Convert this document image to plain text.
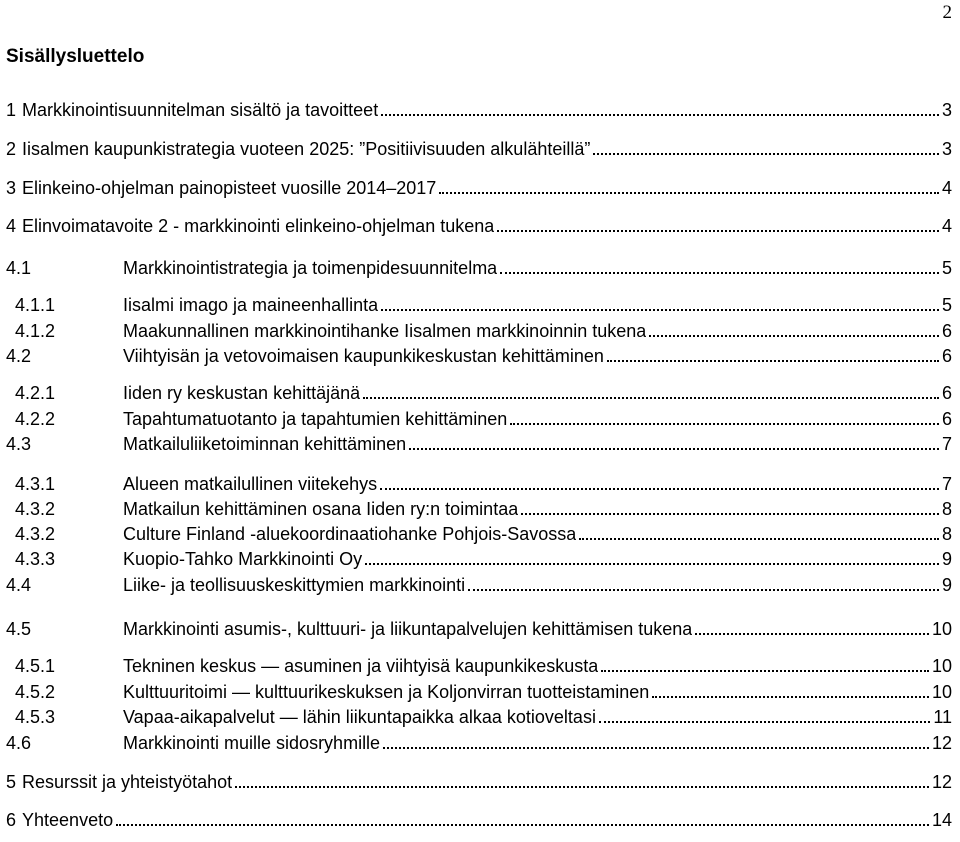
2
Sisällysluettelo
1 Markkinointisuunnitelman sisältö ja tavoitteet	3
2 Iisalmen kaupunkistrategia vuoteen 2025: ”Positiivisuuden alkulähteillä”	3
3 Elinkeino-ohjelman painopisteet vuosille 2014–2017	4
4 Elinvoimatavoite 2 - markkinointi elinkeino-ohjelman tukena	4
4.1	Markkinointistrategia ja toimenpidesuunnitelma	5
4.1.1	Iisalmi imago ja maineenhallinta	5
4.1.2	Maakunnallinen markkinointihanke Iisalmen markkinoinnin tukena	6
4.2	Viihtyisän ja vetovoimaisen kaupunkikeskustan kehittäminen	6
4.2.1	Iiden ry keskustan kehittäjänä	6
4.2.2	Tapahtumatuotanto ja tapahtumien kehittäminen	6
4.3	Matkailuliiketoiminnan kehittäminen	7
4.3.1	Alueen matkailullinen viitekehys	7
4.3.2	Matkailun kehittäminen osana Iiden ry:n toimintaa	8
4.3.2	Culture Finland -aluekoordinaatiohanke Pohjois-Savossa	8
4.3.3	Kuopio-Tahko Markkinointi Oy	9
4.4	Liike- ja teollisuuskeskittymien markkinointi	9
4.5	Markkinointi asumis-, kulttuuri- ja liikuntapalvelujen kehittämisen tukena	10
4.5.1	Tekninen keskus — asuminen ja viihtyisä kaupunkikeskusta	10
4.5.2	Kulttuuritoimi — kulttuurikeskuksen ja Koljonvirran tuotteistaminen	10
4.5.3	Vapaa-aikapalvelut — lähin liikuntapaikka alkaa kotioveltasi	11
4.6	Markkinointi muille sidosryhmille	12
5 Resurssit ja yhteistyötahot	12
6 Yhteenveto	14
